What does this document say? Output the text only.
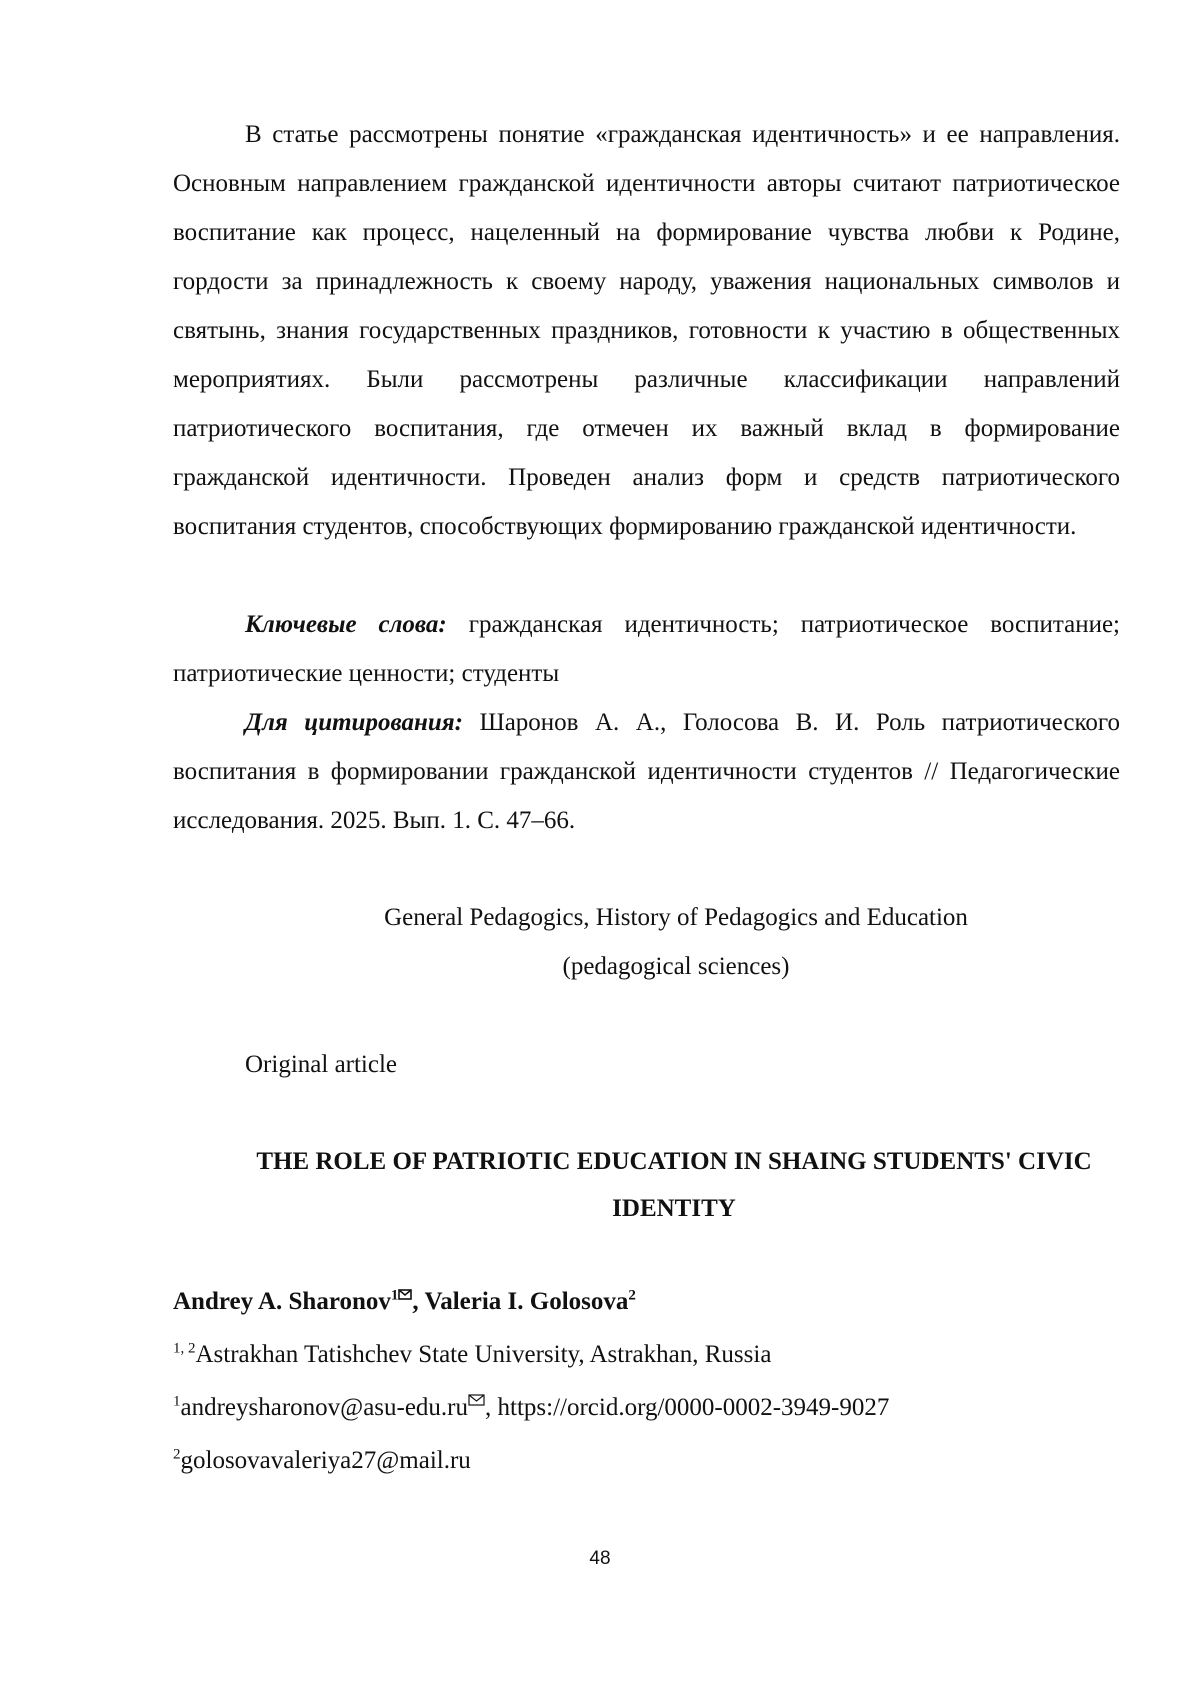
В статье рассмотрены понятие «гражданская идентичность» и ее направления. Основным направлением гражданской идентичности авторы считают патриотическое воспитание как процесс, нацеленный на формирование чувства любви к Родине, гордости за принадлежность к своему народу, уважения национальных символов и святынь, знания государственных праздников, готовности к участию в общественных мероприятиях. Были рассмотрены различные классификации направлений патриотического воспитания, где отмечен их важный вклад в формирование гражданской идентичности. Проведен анализ форм и средств патриотического воспитания студентов, способствующих формированию гражданской идентичности.

Ключевые слова: гражданская идентичность; патриотическое воспитание; патриотические ценности; студенты

Для цитирования: Шаронов А. А., Голосова В. И. Роль патриотического воспитания в формировании гражданской идентичности студентов // Педагогические исследования. 2025. Вып. 1. С. 47–66.

General Pedagogics, History of Pedagogics and Education
(pedagogical sciences)
Original article
THE ROLE OF PATRIOTIC EDUCATION IN SHAING STUDENTS' CIVIC IDENTITY
Andrey A. Sharonov$^1$ , Valeria I. Golosova$^2$
$^{1, 2}$Astrakhan Tatishchev State University, Astrakhan, Russia
$^1$andreysharonov@asu-edu.ru , https://orcid.org/0000-0002-3949-9027
$^2$golosovavaleriya27@mail.ru
48
